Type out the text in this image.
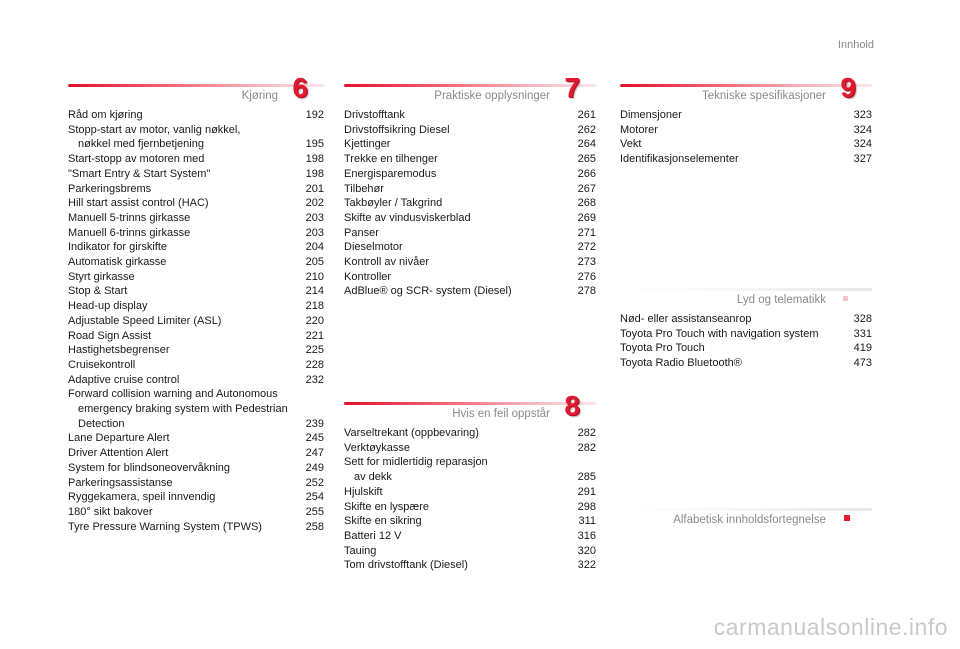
Innhold
Kjøring 6
Råd om kjøring	192
Stopp-start av motor, vanlig nøkkel,
nøkkel med fjernbetjening	195
Start-stopp av motoren med	198
"Smart Entry & Start System"	198
Parkeringsbrems	201
Hill start assist control (HAC)	202
Manuell 5-trinns girkasse	203
Manuell 6-trinns girkasse	203
Indikator for girskifte	204
Automatisk girkasse	205
Styrt girkasse	210
Stop & Start	214
Head-up display	218
Adjustable Speed Limiter (ASL)	220
Road Sign Assist	221
Hastighetsbegrenser	225
Cruisekontroll	228
Adaptive cruise control	232
Forward collision warning and Autonomous
emergency braking system with Pedestrian
Detection	239
Lane Departure Alert	245
Driver Attention Alert	247
System for blindsoneovervåkning	249
Parkeringsassistanse	252
Ryggekamera, speil innvendig	254
180° sikt bakover	255
Tyre Pressure Warning System (TPWS)	258
Praktiske opplysninger 7
Drivstofftank	261
Drivstoffsikring Diesel	262
Kjettinger	264
Trekke en tilhenger	265
Energisparemodus	266
Tilbehør	267
Takbøyler / Takgrind	268
Skifte av vindusviskerblad	269
Panser	271
Dieselmotor	272
Kontroll av nivåer	273
Kontroller	276
AdBlue® og SCR- system (Diesel)	278
Hvis en feil oppstår 8
Varseltrekant (oppbevaring)	282
Verktøykasse	282
Sett for midlertidig reparasjon
av dekk	285
Hjulskift	291
Skifte en lyspære	298
Skifte en sikring	311
Batteri 12 V	316
Tauing	320
Tom drivstofftank (Diesel)	322
Tekniske spesifikasjoner 9
Dimensjoner	323
Motorer	324
Vekt	324
Identifikasjonselementer	327
Lyd og telematikk
Nød- eller assistanseanrop	328
Toyota Pro Touch with navigation system	331
Toyota Pro Touch	419
Toyota Radio Bluetooth®	473
Alfabetisk innholdsfortegnelse
carmanualsonline.info
